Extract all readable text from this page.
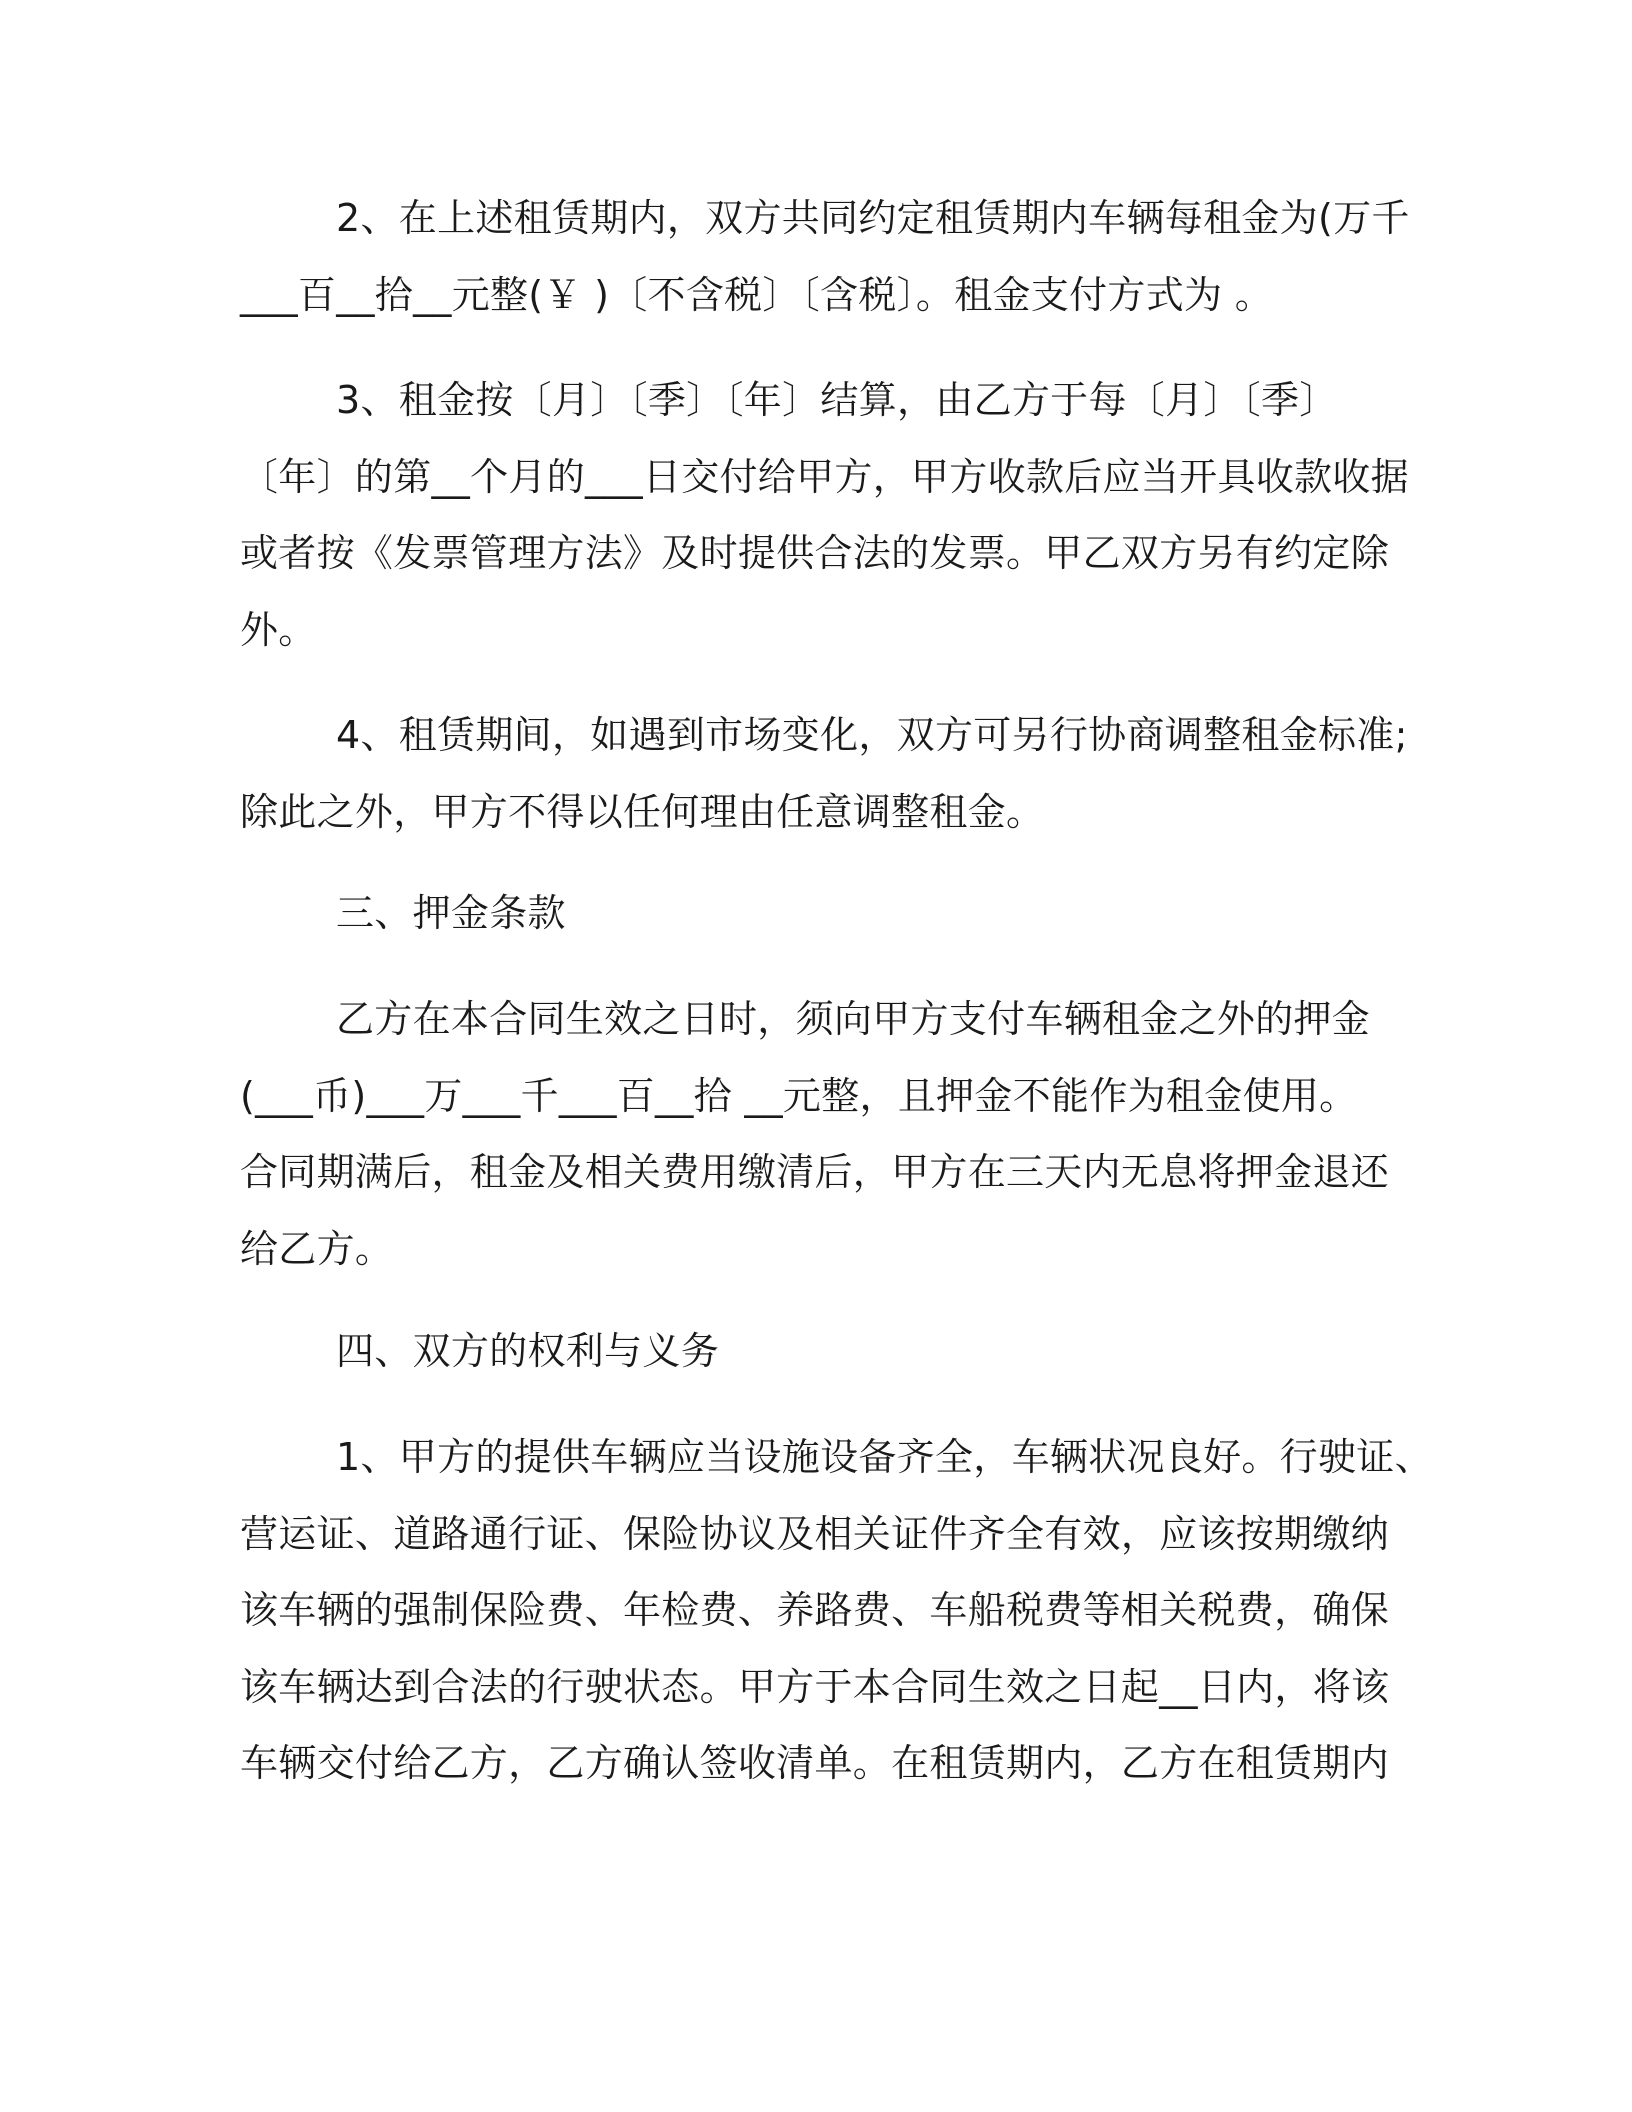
2、在上述租赁期内，双方共同约定租赁期内车辆每租金为(万千
___百__拾__元整(￥ )〔不含税〕〔含税〕。租金支付方式为 。
3、租金按〔月〕〔季〕〔年〕结算，由乙方于每〔月〕〔季〕
〔年〕的第__个月的___日交付给甲方，甲方收款后应当开具收款收据
或者按《发票管理方法》及时提供合法的发票。甲乙双方另有约定除
外。
4、租赁期间，如遇到市场变化，双方可另行协商调整租金标准;
除此之外，甲方不得以任何理由任意调整租金。
三、押金条款
乙方在本合同生效之日时，须向甲方支付车辆租金之外的押金
(___币)___万___千___百__拾 __元整，且押金不能作为租金使用。
合同期满后，租金及相关费用缴清后，甲方在三天内无息将押金退还
给乙方。
四、双方的权利与义务
1、甲方的提供车辆应当设施设备齐全，车辆状况良好。行驶证、
营运证、道路通行证、保险协议及相关证件齐全有效，应该按期缴纳
该车辆的强制保险费、年检费、养路费、车船税费等相关税费，确保
该车辆达到合法的行驶状态。甲方于本合同生效之日起__日内，将该
车辆交付给乙方，乙方确认签收清单。在租赁期内，乙方在租赁期内
